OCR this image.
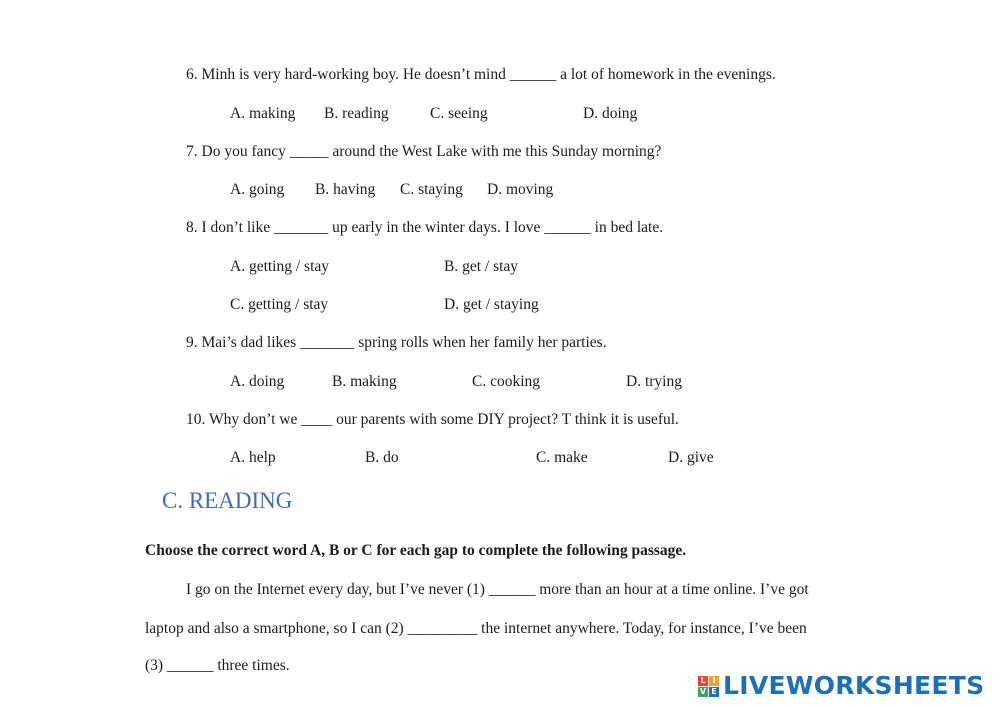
6. Minh is very hard-working boy. He doesn’t mind ______ a lot of homework in the evenings.
A. making B. reading	C. seeing	D. doing
7. Do you fancy _____ around the West Lake with me this Sunday morning?
A. going B. having C. staying D. moving
8. I don’t like _______ up early in the winter days. I love ______ in bed late.
A. getting / stay	B. get / stay
C. getting / stay	D. get / staying
9. Mai’s dad likes _______ spring rolls when her family her parties.
A. doing	B. making	C. cooking	D. trying
10. Why don’t we ____ our parents with some DIY project? T think it is useful.
A. help	B. do	C. make	D. give
C. READING
Choose the correct word A, B or C for each gap to complete the following passage.
I go on the Internet every day, but I’ve never (1) ______ more than an hour at a time online. I’ve got
laptop and also a smartphone, so I can (2) _________ the internet anywhere. Today, for instance, I’ve been
(3) ______ three times.
L I
V E LIVEWORKSHEETS
